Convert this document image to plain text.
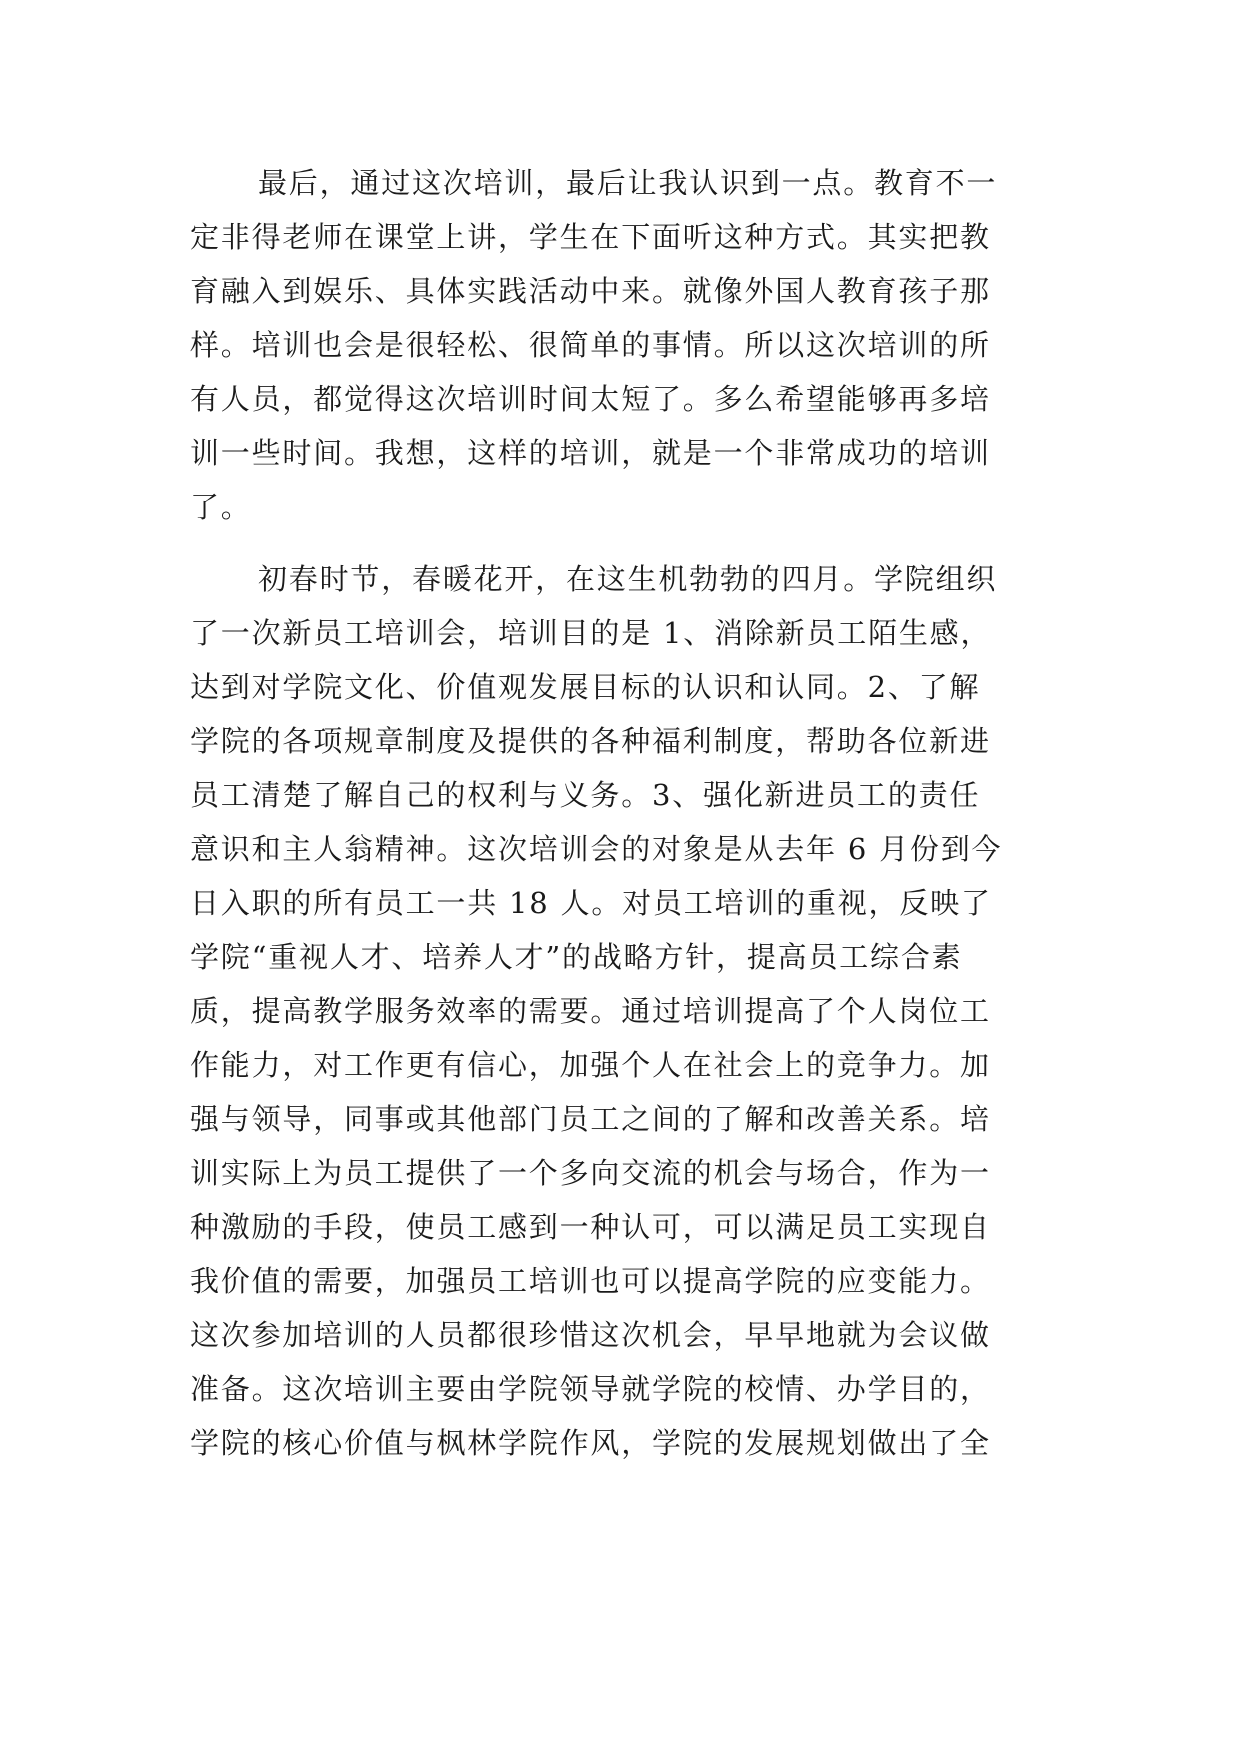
最后，通过这次培训，最后让我认识到一点。教育不一
定非得老师在课堂上讲，学生在下面听这种方式。其实把教
育融入到娱乐、具体实践活动中来。就像外国人教育孩子那
样。培训也会是很轻松、很简单的事情。所以这次培训的所
有人员，都觉得这次培训时间太短了。多么希望能够再多培
训一些时间。我想，这样的培训，就是一个非常成功的培训
了。
初春时节，春暖花开，在这生机勃勃的四月。学院组织
了一次新员工培训会，培训目的是 1、消除新员工陌生感，
达到对学院文化、价值观发展目标的认识和认同。2、了解
学院的各项规章制度及提供的各种福利制度，帮助各位新进
员工清楚了解自己的权利与义务。3、强化新进员工的责任
意识和主人翁精神。这次培训会的对象是从去年 6 月份到今
日入职的所有员工一共 18 人。对员工培训的重视，反映了
学院“重视人才、培养人才”的战略方针，提高员工综合素
质，提高教学服务效率的需要。通过培训提高了个人岗位工
作能力，对工作更有信心，加强个人在社会上的竞争力。加
强与领导，同事或其他部门员工之间的了解和改善关系。培
训实际上为员工提供了一个多向交流的机会与场合，作为一
种激励的手段，使员工感到一种认可，可以满足员工实现自
我价值的需要，加强员工培训也可以提高学院的应变能力。
这次参加培训的人员都很珍惜这次机会，早早地就为会议做
准备。这次培训主要由学院领导就学院的校情、办学目的，
学院的核心价值与枫林学院作风，学院的发展规划做出了全
